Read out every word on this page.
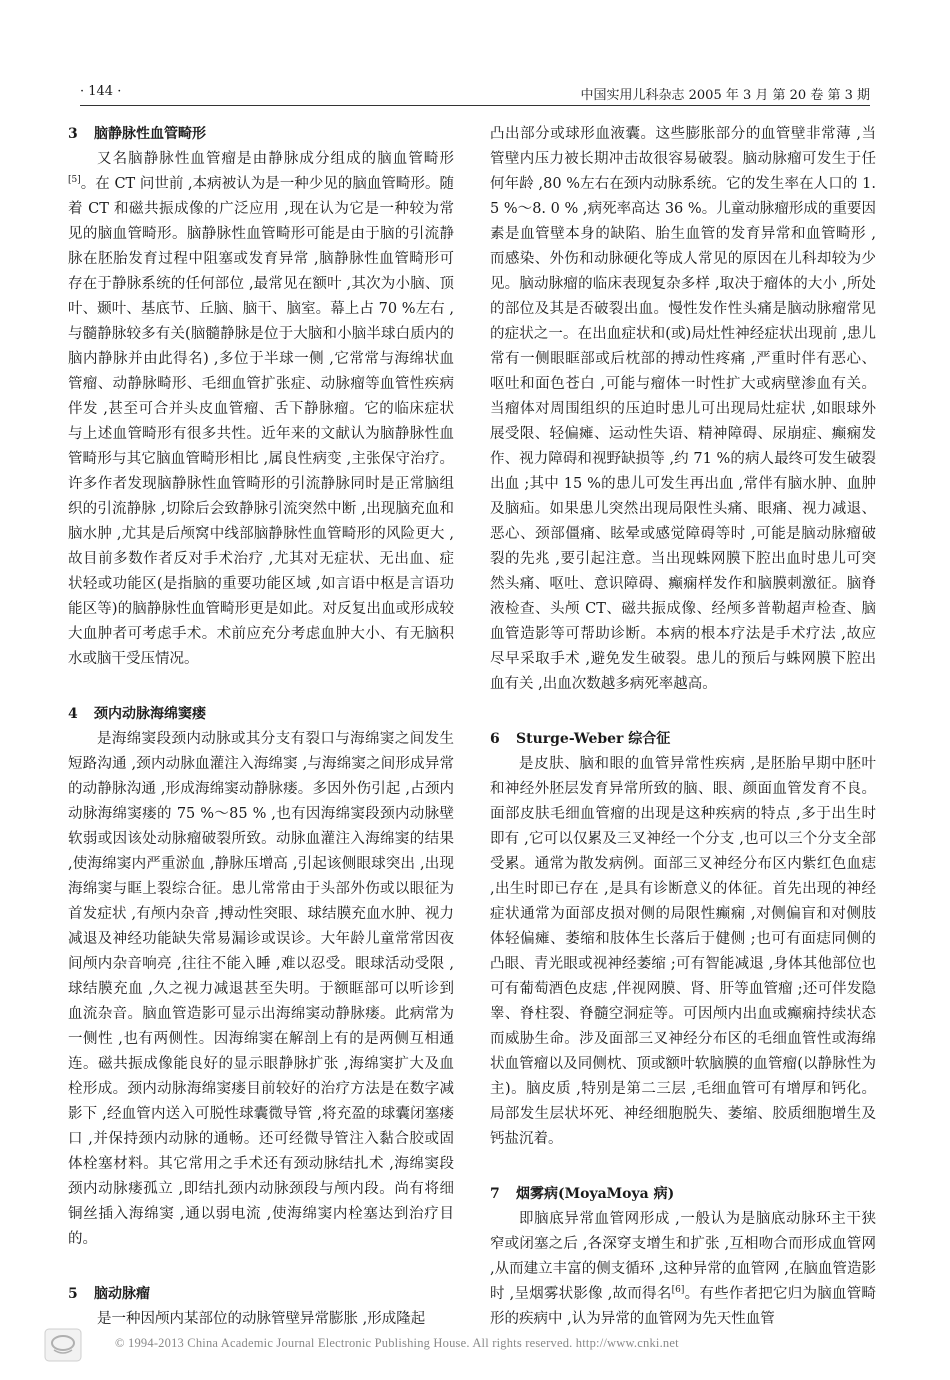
· 144 ·	中国实用儿科杂志 2005 年 3 月 第 20 卷 第 3 期
3 脑静脉性血管畸形

又名脑静脉性血管瘤是由静脉成分组成的脑血管畸形[5]。在 CT 问世前 ,本病被认为是一种少见的脑血管畸形。随着 CT 和磁共振成像的广泛应用 ,现在认为它是一种较为常见的脑血管畸形。脑静脉性血管畸形可能是由于脑的引流静脉在胚胎发育过程中阻塞或发育异常 ,脑静脉性血管畸形可存在于静脉系统的任何部位 ,最常见在额叶 ,其次为小脑、顶叶、颞叶、基底节、丘脑、脑干、脑室。幕上占 70 %左右 ,与髓静脉较多有关(脑髓静脉是位于大脑和小脑半球白质内的脑内静脉并由此得名) ,多位于半球一侧 ,它常常与海绵状血管瘤、动静脉畸形、毛细血管扩张症、动脉瘤等血管性疾病伴发 ,甚至可合并头皮血管瘤、舌下静脉瘤。它的临床症状与上述血管畸形有很多共性。近年来的文献认为脑静脉性血管畸形与其它脑血管畸形相比 ,属良性病变 ,主张保守治疗。许多作者发现脑静脉性血管畸形的引流静脉同时是正常脑组织的引流静脉 ,切除后会致静脉引流突然中断 ,出现脑充血和脑水肿 ,尤其是后颅窝中线部脑静脉性血管畸形的风险更大 ,故目前多数作者反对手术治疗 ,尤其对无症状、无出血、症状轻或功能区(是指脑的重要功能区域 ,如言语中枢是言语功能区等)的脑静脉性血管畸形更是如此。对反复出血或形成较大血肿者可考虑手术。术前应充分考虑血肿大小、有无脑积水或脑干受压情况。

4 颈内动脉海绵窦瘘

是海绵窦段颈内动脉或其分支有裂口与海绵窦之间发生短路沟通 ,颈内动脉血灌注入海绵窦 ,与海绵窦之间形成异常的动静脉沟通 ,形成海绵窦动静脉瘘。多因外伤引起 ,占颈内动脉海绵窦瘘的 75 %～85 % ,也有因海绵窦段颈内动脉壁软弱或因该处动脉瘤破裂所致。动脉血灌注入海绵窦的结果 ,使海绵窦内严重淤血 ,静脉压增高 ,引起该侧眼球突出 ,出现海绵窦与眶上裂综合征。患儿常常由于头部外伤或以眼征为首发症状 ,有颅内杂音 ,搏动性突眼、球结膜充血水肿、视力减退及神经功能缺失常易漏诊或误诊。大年龄儿童常常因夜间颅内杂音响亮 ,往往不能入睡 ,难以忍受。眼球活动受限 ,球结膜充血 ,久之视力减退甚至失明。于额眶部可以听诊到血流杂音。脑血管造影可显示出海绵窦动静脉瘘。此病常为一侧性 ,也有两侧性。因海绵窦在解剖上有的是两侧互相通连。磁共振成像能良好的显示眼静脉扩张 ,海绵窦扩大及血栓形成。颈内动脉海绵窦瘘目前较好的治疗方法是在数字减影下 ,经血管内送入可脱性球囊微导管 ,将充盈的球囊闭塞瘘口 ,并保持颈内动脉的通畅。还可经微导管注入黏合胶或固体栓塞材料。其它常用之手术还有颈动脉结扎术 ,海绵窦段颈内动脉瘘孤立 ,即结扎颈内动脉颈段与颅内段。尚有将细铜丝插入海绵窦 ,通以弱电流 ,使海绵窦内栓塞达到治疗目的。

5 脑动脉瘤

是一种因颅内某部位的动脉管壁异常膨胀 ,形成隆起

凸出部分或球形血液囊。这些膨胀部分的血管壁非常薄 ,当管壁内压力被长期冲击故很容易破裂。脑动脉瘤可发生于任何年龄 ,80 %左右在颈内动脉系统。它的发生率在人口的 1. 5 %～8. 0 % ,病死率高达 36 %。儿童动脉瘤形成的重要因素是血管壁本身的缺陷、胎生血管的发育异常和血管畸形 ,而感染、外伤和动脉硬化等成人常见的原因在儿科却较为少见。脑动脉瘤的临床表现复杂多样 ,取决于瘤体的大小 ,所处的部位及其是否破裂出血。慢性发作性头痛是脑动脉瘤常见的症状之一。在出血症状和(或)局灶性神经症状出现前 ,患儿常有一侧眼眶部或后枕部的搏动性疼痛 ,严重时伴有恶心、呕吐和面色苍白 ,可能与瘤体一时性扩大或病壁渗血有关。当瘤体对周围组织的压迫时患儿可出现局灶症状 ,如眼球外展受限、轻偏瘫、运动性失语、精神障碍、尿崩症、癫痫发作、视力障碍和视野缺损等 ,约 71 %的病人最终可发生破裂出血 ;其中 15 %的患儿可发生再出血 ,常伴有脑水肿、血肿及脑疝。如果患儿突然出现局限性头痛、眼痛、视力减退、恶心、颈部僵痛、眩晕或感觉障碍等时 ,可能是脑动脉瘤破裂的先兆 ,要引起注意。当出现蛛网膜下腔出血时患儿可突然头痛、呕吐、意识障碍、癫痫样发作和脑膜刺激征。脑脊液检查、头颅 CT、磁共振成像、经颅多普勒超声检查、脑血管造影等可帮助诊断。本病的根本疗法是手术疗法 ,故应尽早采取手术 ,避免发生破裂。患儿的预后与蛛网膜下腔出血有关 ,出血次数越多病死率越高。

6 Sturge-Weber 综合征

是皮肤、脑和眼的血管异常性疾病 ,是胚胎早期中胚叶和神经外胚层发育异常所致的脑、眼、颜面血管发育不良。面部皮肤毛细血管瘤的出现是这种疾病的特点 ,多于出生时即有 ,它可以仅累及三叉神经一个分支 ,也可以三个分支全部受累。通常为散发病例。面部三叉神经分布区内紫红色血痣 ,出生时即已存在 ,是具有诊断意义的体征。首先出现的神经症状通常为面部皮损对侧的局限性癫痫 ,对侧偏盲和对侧肢体轻偏瘫、萎缩和肢体生长落后于健侧 ;也可有面痣同侧的凸眼、青光眼或视神经萎缩 ;可有智能减退 ,身体其他部位也可有葡萄酒色皮痣 ,伴视网膜、肾、肝等血管瘤 ;还可伴发隐睾、脊柱裂、脊髓空洞症等。可因颅内出血或癫痫持续状态而威胁生命。涉及面部三叉神经分布区的毛细血管性或海绵状血管瘤以及同侧枕、顶或额叶软脑膜的血管瘤(以静脉性为主)。脑皮质 ,特别是第二三层 ,毛细血管可有增厚和钙化。局部发生层状坏死、神经细胞脱失、萎缩、胶质细胞增生及钙盐沉着。

7 烟雾病(MoyaMoya 病)

即脑底异常血管网形成 ,一般认为是脑底动脉环主干狭窄或闭塞之后 ,各深穿支增生和扩张 ,互相吻合而形成血管网 ,从而建立丰富的侧支循环 ,这种异常的血管网 ,在脑血管造影时 ,呈烟雾状影像 ,故而得名[6]。有些作者把它归为脑血管畸形的疾病中 ,认为异常的血管网为先天性血管

© 1994-2013 China Academic Journal Electronic Publishing House. All rights reserved. http://www.cnki.net
